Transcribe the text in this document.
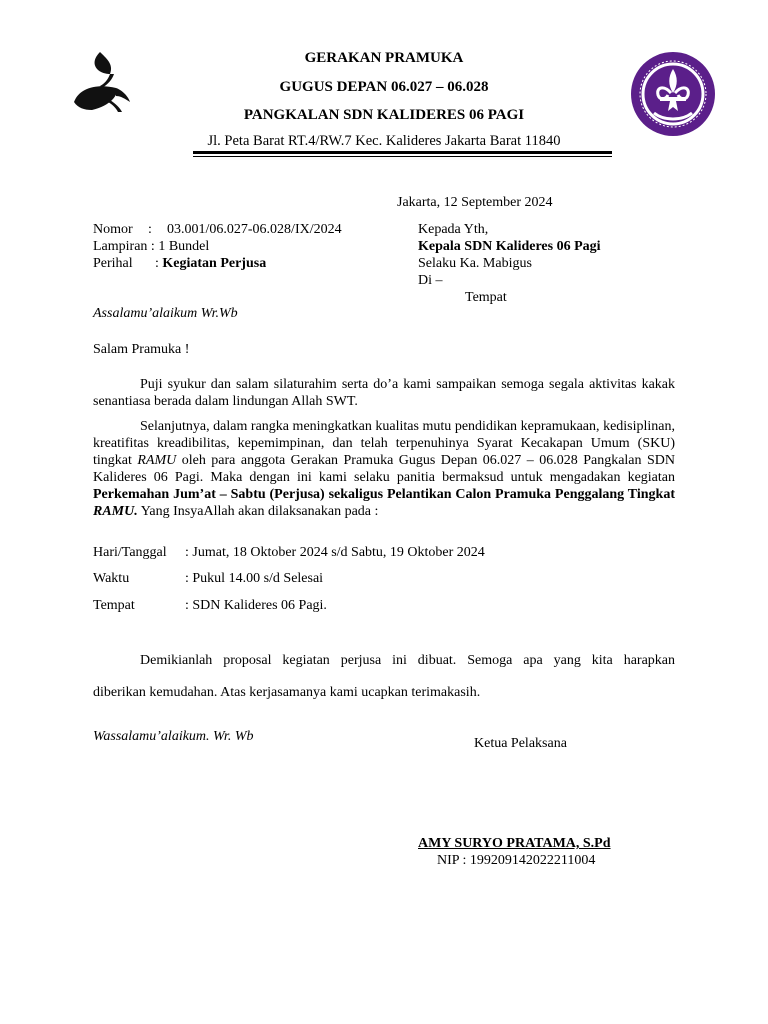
GERAKAN PRAMUKA
GUGUS DEPAN 06.027 – 06.028
PANGKALAN SDN KALIDERES 06 PAGI
Jl. Peta Barat RT.4/RW.7 Kec. Kalideres Jakarta Barat 11840
Jakarta, 12 September 2024
Nomor : 03.001/06.027-06.028/IX/2024
Lampiran : 1 Bundel
Perihal : Kegiatan Perjusa
Kepada Yth,
Kepala SDN Kalideres 06 Pagi
Selaku Ka. Mabigus
Di –
Tempat
Assalamu’alaikum Wr.Wb
Salam Pramuka !
Puji syukur dan salam silaturahim serta do’a kami sampaikan semoga segala aktivitas kakak senantiasa berada dalam lindungan Allah SWT.
Selanjutnya, dalam rangka meningkatkan kualitas mutu pendidikan kepramukaan, kedisiplinan, kreatifitas kreadibilitas, kepemimpinan, dan telah terpenuhinya Syarat Kecakapan Umum (SKU) tingkat RAMU oleh para anggota Gerakan Pramuka Gugus Depan 06.027 – 06.028 Pangkalan SDN Kalideres 06 Pagi. Maka dengan ini kami selaku panitia bermaksud untuk mengadakan kegiatan Perkemahan Jum’at – Sabtu (Perjusa) sekaligus Pelantikan Calon Pramuka Penggalang Tingkat RAMU. Yang InsyaAllah akan dilaksanakan pada :
Hari/Tanggal : Jumat, 18 Oktober 2024 s/d Sabtu, 19 Oktober 2024
Waktu	: Pukul 14.00 s/d Selesai
Tempat	: SDN Kalideres 06 Pagi.
Demikianlah proposal kegiatan perjusa ini dibuat. Semoga apa yang kita harapkan
diberikan kemudahan. Atas kerjasamanya kami ucapkan terimakasih.
Wassalamu’alaikum. Wr. Wb	Ketua Pelaksana
AMY SURYO PRATAMA, S.Pd
NIP : 199209142022211004
